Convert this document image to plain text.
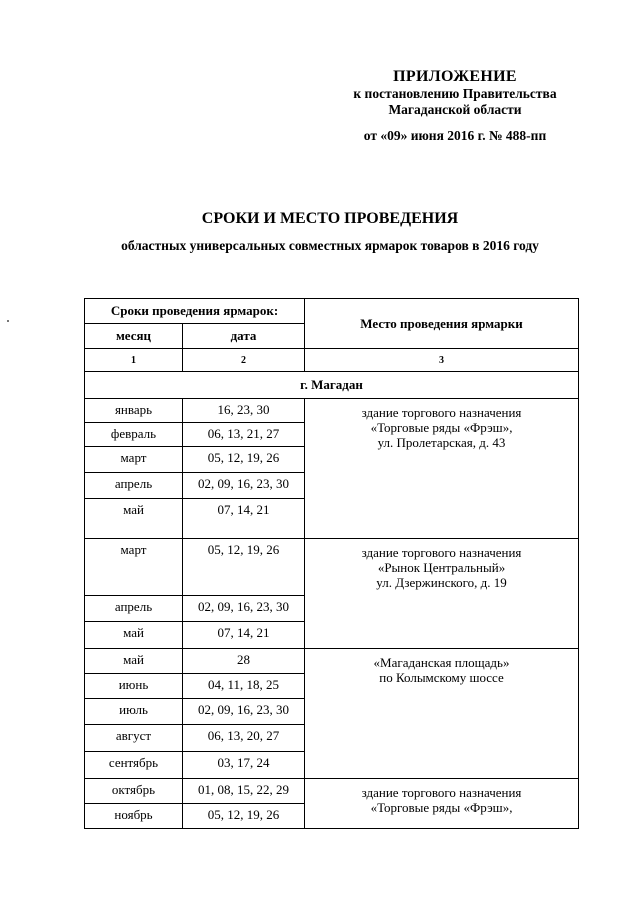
ПРИЛОЖЕНИЕ
к постановлению Правительства
Магаданской области
от «09» июня 2016 г. № 488-пп
СРОКИ И МЕСТО ПРОВЕДЕНИЯ
областных универсальных совместных ярмарок товаров в 2016 году
Сроки проведения ярмарок:		Место проведения ярмарки
месяц	дата	
1	2	3
г. Магадан		
январь	16, 23, 30	здание торгового назначения
«Торговые ряды «Фрэш»,
ул. Пролетарская, д. 43

февраль	06, 13, 21, 27	
март	05, 12, 19, 26	
апрель	02, 09, 16, 23, 30	
май	07, 14, 21	
март	05, 12, 19, 26	здание торгового назначения
«Рынок Центральный»
ул. Дзержинского, д. 19

апрель	02, 09, 16, 23, 30	
май	07, 14, 21	
май	28	«Магаданская площадь»
по Колымскому шоссе

июнь	04, 11, 18, 25	
июль	02, 09, 16, 23, 30	
август	06, 13, 20, 27	
сентябрь	03, 17, 24	
октябрь	01, 08, 15, 22, 29	здание торгового назначения
«Торговые ряды «Фрэш»,

ноябрь	05, 12, 19, 26	
